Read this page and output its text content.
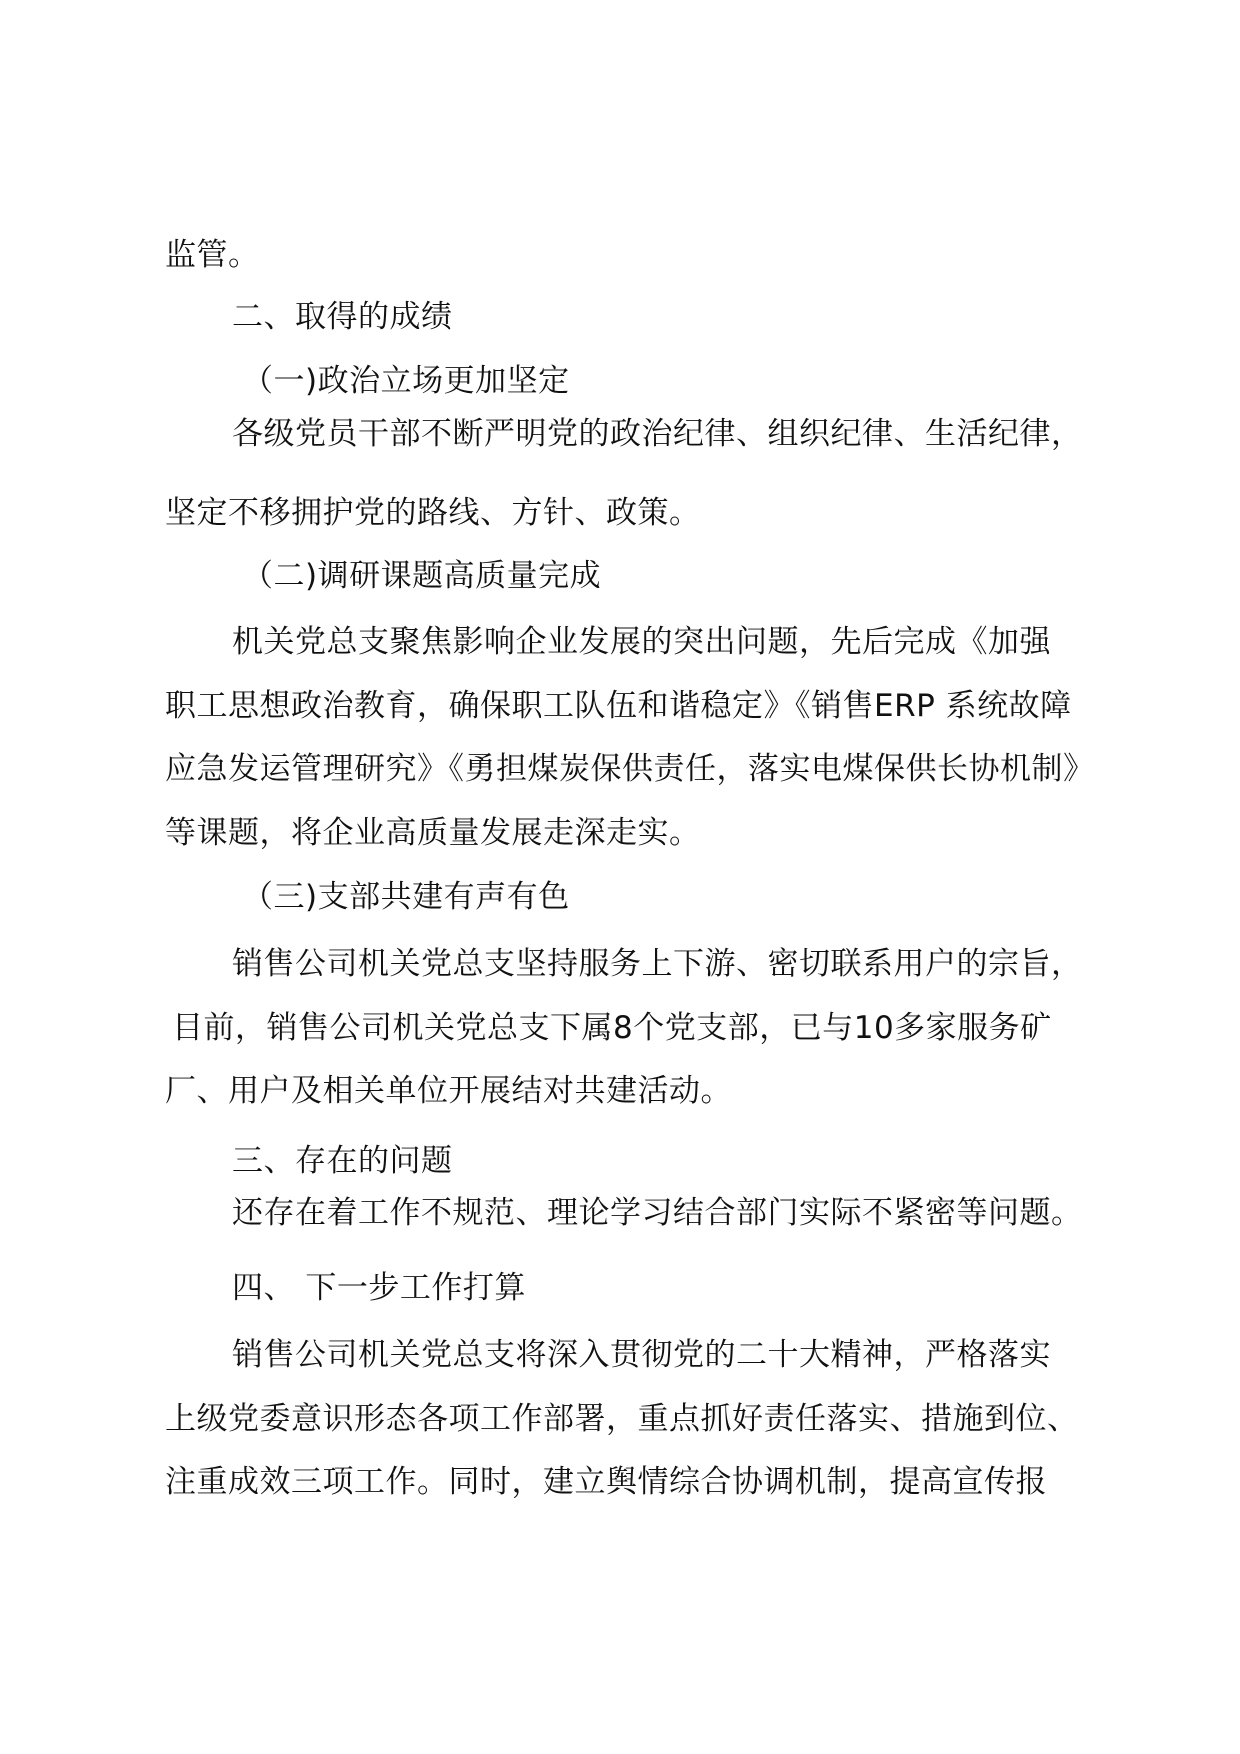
监管。
二、取得的成绩
（一)政治立场更加坚定
各级党员干部不断严明党的政治纪律、组织纪律、生活纪律，
坚定不移拥护党的路线、方针、政策。
（二)调研课题高质量完成
机关党总支聚焦影响企业发展的突出问题，先后完成《加强
职工思想政治教育，确保职工队伍和谐稳定》《销售ERP 系统故障
应急发运管理研究》《勇担煤炭保供责任，落实电煤保供长协机制》
等课题，将企业高质量发展走深走实。
（三)支部共建有声有色
销售公司机关党总支坚持服务上下游、密切联系用户的宗旨，
目前，销售公司机关党总支下属8个党支部，已与10多家服务矿
厂、用户及相关单位开展结对共建活动。
三、存在的问题
还存在着工作不规范、理论学习结合部门实际不紧密等问题。
四、 下一步工作打算
销售公司机关党总支将深入贯彻党的二十大精神，严格落实
上级党委意识形态各项工作部署，重点抓好责任落实、措施到位、
注重成效三项工作。同时，建立舆情综合协调机制，提高宣传报
